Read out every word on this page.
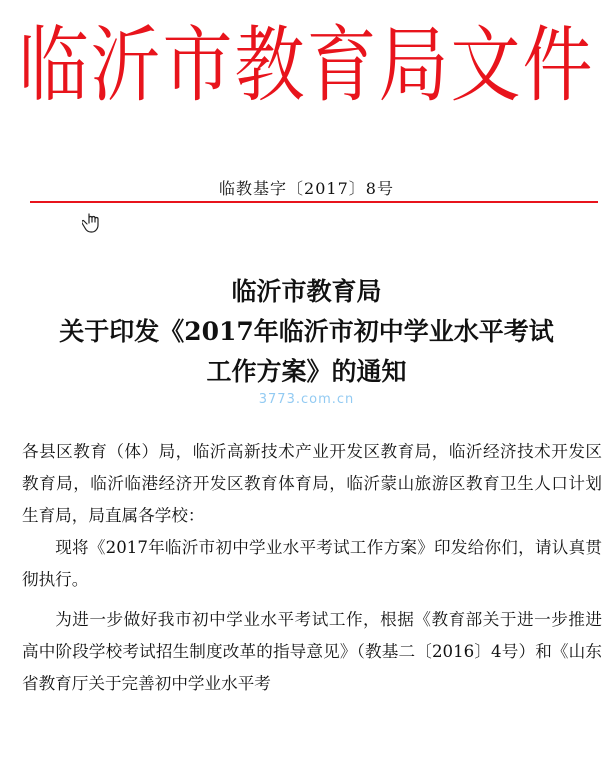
临沂市教育局文件
临教基字〔2017〕8号
临沂市教育局
关于印发《2017年临沂市初中学业水平考试
工作方案》的通知
3773.com.cn

各县区教育（体）局，临沂高新技术产业开发区教育局，临沂经济技术开发区教育局，临沂临港经济开发区教育体育局，临沂蒙山旅游区教育卫生人口计划生育局，局直属各学校：

现将《2017年临沂市初中学业水平考试工作方案》印发给你们，请认真贯彻执行。

为进一步做好我市初中学业水平考试工作，根据《教育部关于进一步推进高中阶段学校考试招生制度改革的指导意见》（教基二〔2016〕4号）和《山东省教育厅关于完善初中学业水平考
